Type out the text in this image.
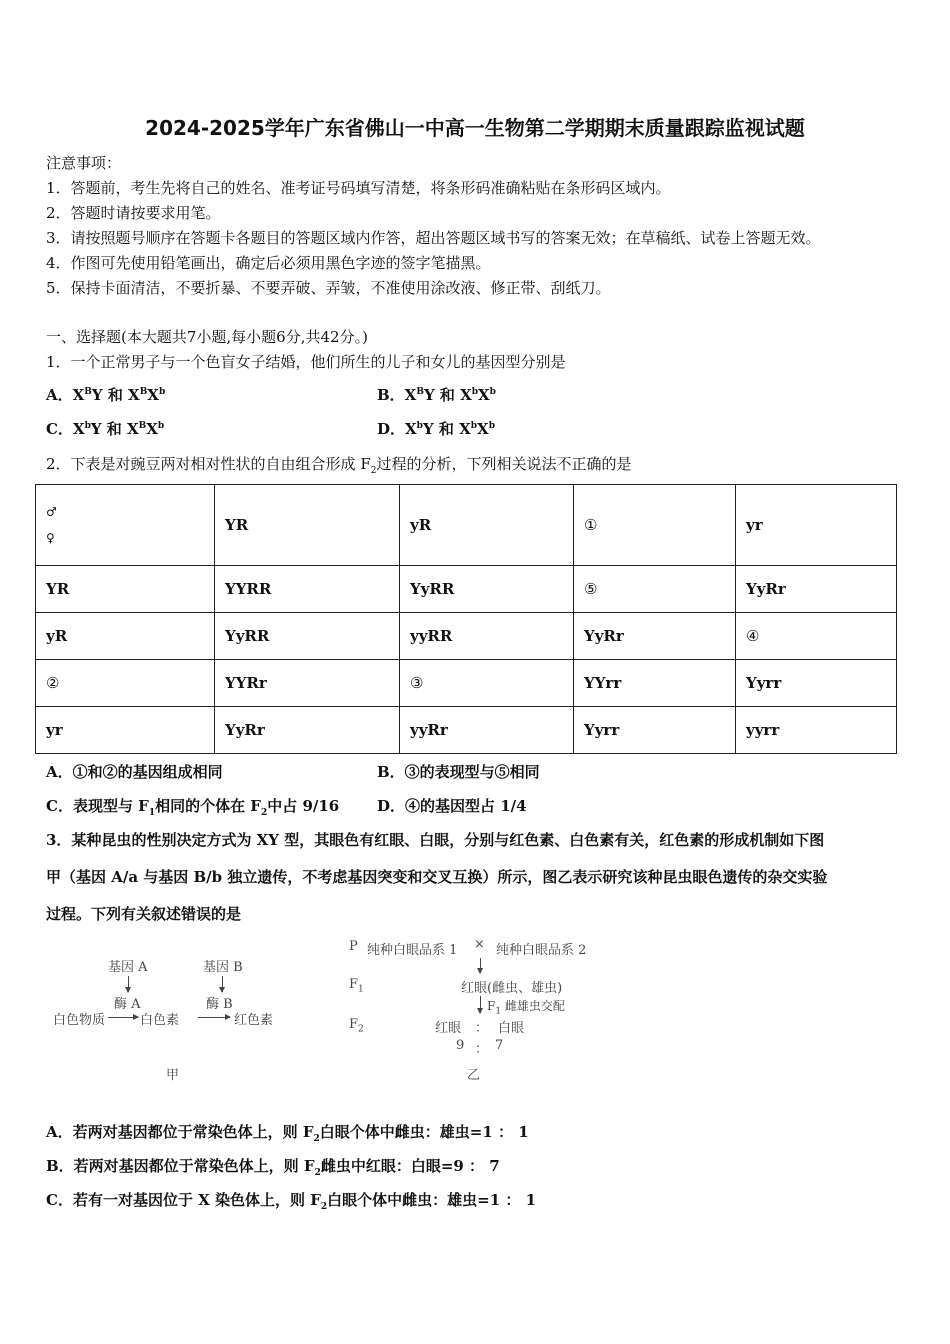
2024-2025学年广东省佛山一中高一生物第二学期期末质量跟踪监视试题
注意事项：
1．答题前，考生先将自己的姓名、准考证号码填写清楚，将条形码准确粘贴在条形码区域内。
2．答题时请按要求用笔。
3．请按照题号顺序在答题卡各题目的答题区域内作答，超出答题区域书写的答案无效；在草稿纸、试卷上答题无效。
4．作图可先使用铅笔画出，确定后必须用黑色字迹的签字笔描黑。
5．保持卡面清洁，不要折暴、不要弄破、弄皱，不准使用涂改液、修正带、刮纸刀。
一、选择题(本大题共7小题,每小题6分,共42分。)
1．一个正常男子与一个色盲女子结婚，他们所生的儿子和女儿的基因型分别是
A．$X^BY$ 和 $X^BX^b$	B．$X^BY$ 和 $X^bX^b$
C．$X^bY$ 和 $X^BX^b$	D．$X^bY$ 和 $X^bX^b$
2．下表是对豌豆两对相对性状的自由组合形成 $F_2$过程的分析，下列相关说法不正确的是
♂
♀	YR	yR	①	yr
YR	YYRR	YyRR	⑤	YyRr
yR	YyRR	yyRR	YyRr	④
②	YYRr	③	YYrr	Yyrr
yr	YyRr	yyRr	Yyrr	yyrr
A．①和②的基因组成相同	B．③的表现型与⑤相同
C．表现型与 $F_1$相同的个体在 $F_2$中占 9/16	D．④的基因型占 1/4
3．某种昆虫的性别决定方式为 XY 型，其眼色有红眼、白眼，分别与红色素、白色素有关，红色素的形成机制如下图
甲（基因 A/a 与基因 B/b 独立遗传，不考虑基因突变和交叉互换）所示，图乙表示研究该种昆虫眼色遗传的杂交实验
过程。下列有关叙述错误的是
基因 A	基因 B
酶 A	酶 B
白色物质	白色素	红色素
甲
P 纯种白眼品系 1 × 纯种白眼品系 2
$F_1$	红眼(雌虫、雄虫)
$F_1$ 雌雄虫交配
$F_2$	红眼 ： 白眼
9 ： 7
乙
A．若两对基因都位于常染色体上，则 $F_2$白眼个体中雌虫：雄虫=1 ： 1
B．若两对基因都位于常染色体上，则 $F_2$雌虫中红眼：白眼=9 ： 7
C．若有一对基因位于 X 染色体上，则 $F_2$白眼个体中雌虫：雄虫=1 ： 1
